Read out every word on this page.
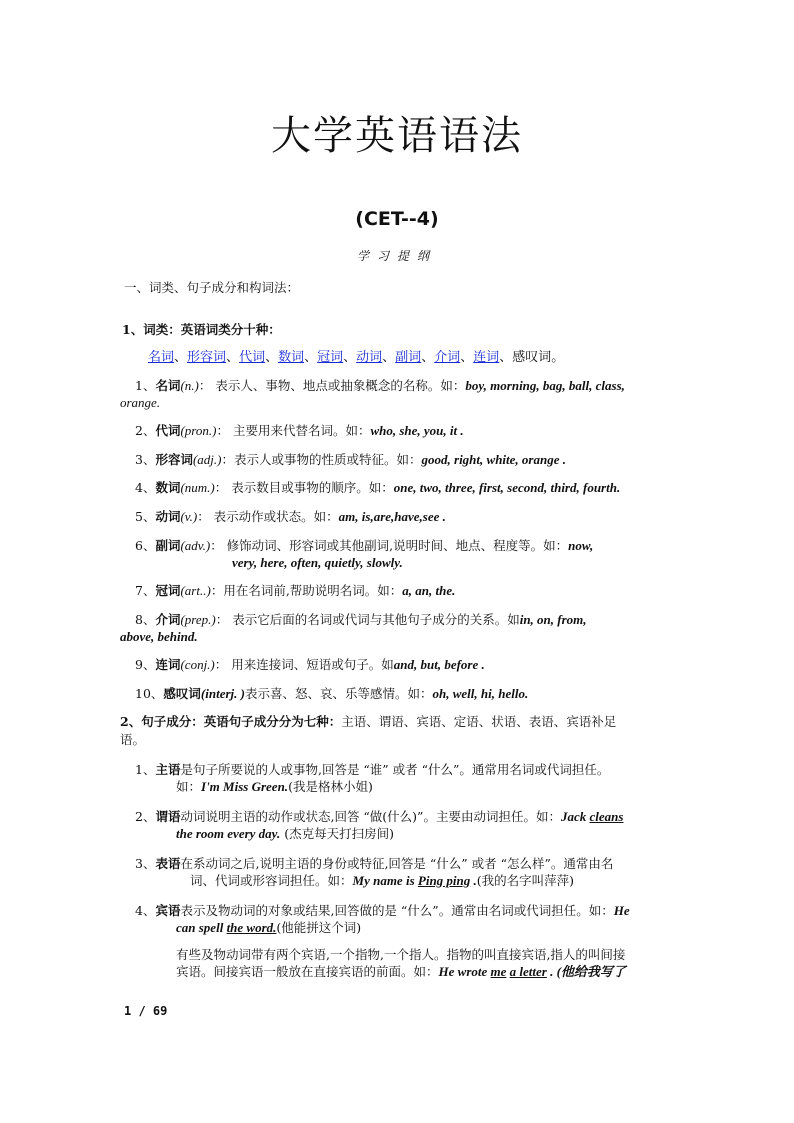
大学英语语法
(CET--4)
学习提纲
一、词类、句子成分和构词法：
1、词类：英语词类分十种：
名词、形容词、代词、数词、冠词、动词、副词、介词、连词、感叹词。
1、名词(n.)： 表示人、事物、地点或抽象概念的名称。如：boy, morning, bag, ball, class,
orange.
2、代词(pron.)： 主要用来代替名词。如：who, she, you, it .
3、形容词(adj.)：表示人或事物的性质或特征。如：good, right, white, orange .
4、数词(num.)： 表示数目或事物的顺序。如：one, two, three, first, second, third, fourth.
5、动词(v.)： 表示动作或状态。如：am, is,are,have,see .
6、副词(adv.)： 修饰动词、形容词或其他副词,说明时间、地点、程度等。如：now,
very, here, often, quietly, slowly.
7、冠词(art..)：用在名词前,帮助说明名词。如：a, an, the.
8、介词(prep.)： 表示它后面的名词或代词与其他句子成分的关系。如in, on, from,
above, behind.
9、连词(conj.)： 用来连接词、短语或句子。如and, but, before .
10、感叹词(interj. )表示喜、怒、哀、乐等感情。如：oh, well, hi, hello.
2、句子成分：英语句子成分分为七种：主语、谓语、宾语、定语、状语、表语、宾语补足
语。
1、主语是句子所要说的人或事物,回答是 “谁” 或者 “什么”。通常用名词或代词担任。
如：I'm Miss Green.(我是格林小姐)
2、谓语动词说明主语的动作或状态,回答 “做(什么)”。主要由动词担任。如：Jack cleans
the room every day. (杰克每天打扫房间)
3、表语在系动词之后,说明主语的身份或特征,回答是 “什么” 或者 “怎么样”。通常由名
词、代词或形容词担任。如：My name is Ping ping .(我的名字叫萍萍)
4、宾语表示及物动词的对象或结果,回答做的是 “什么”。通常由名词或代词担任。如：He
can spell the word.(他能拼这个词)
有些及物动词带有两个宾语,一个指物,一个指人。指物的叫直接宾语,指人的叫间接
宾语。间接宾语一般放在直接宾语的前面。如：He wrote me a letter . (他给我写了
1 / 69
